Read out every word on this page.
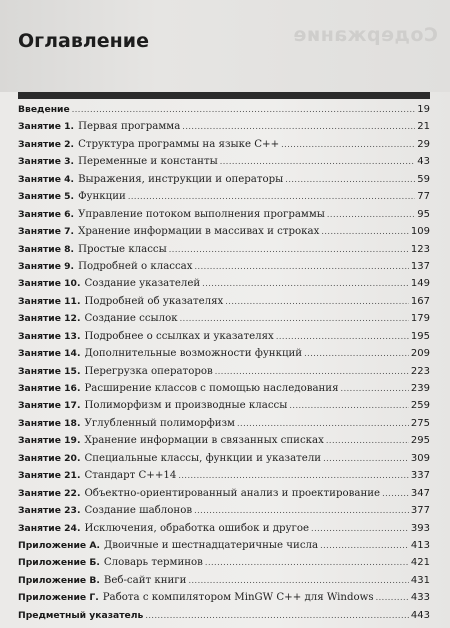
Содержание
Оглавление
Введение .....	19
Занятие 1. Первая программа .....	21
Занятие 2. Структура программы на языке С++ .....	29
Занятие 3. Переменные и константы .....	43
Занятие 4. Выражения, инструкции и операторы .....	59
Занятие 5. Функции .....	77
Занятие 6. Управление потоком выполнения программы .....	95
Занятие 7. Хранение информации в массивах и строках .....	109
Занятие 8. Простые классы .....	123
Занятие 9. Подробней о классах .....	137
Занятие 10. Создание указателей .....	149
Занятие 11. Подробней об указателях .....	167
Занятие 12. Создание ссылок .....	179
Занятие 13. Подробнее о ссылках и указателях .....	195
Занятие 14. Дополнительные возможности функций .....	209
Занятие 15. Перегрузка операторов .....	223
Занятие 16. Расширение классов с помощью наследования .....	239
Занятие 17. Полиморфизм и производные классы .....	259
Занятие 18. Углубленный полиморфизм .....	275
Занятие 19. Хранение информации в связанных списках .....	295
Занятие 20. Специальные классы, функции и указатели .....	309
Занятие 21. Стандарт С++14 .....	337
Занятие 22. Объектно-ориентированный анализ и проектирование .....	347
Занятие 23. Создание шаблонов .....	377
Занятие 24. Исключения, обработка ошибок и другое .....	393
Приложение А. Двоичные и шестнадцатеричные числа .....	413
Приложение Б. Словарь терминов .....	421
Приложение В. Веб-сайт книги .....	431
Приложение Г. Работа с компилятором MinGW C++ для Windows .....	433
Предметный указатель .....	443
